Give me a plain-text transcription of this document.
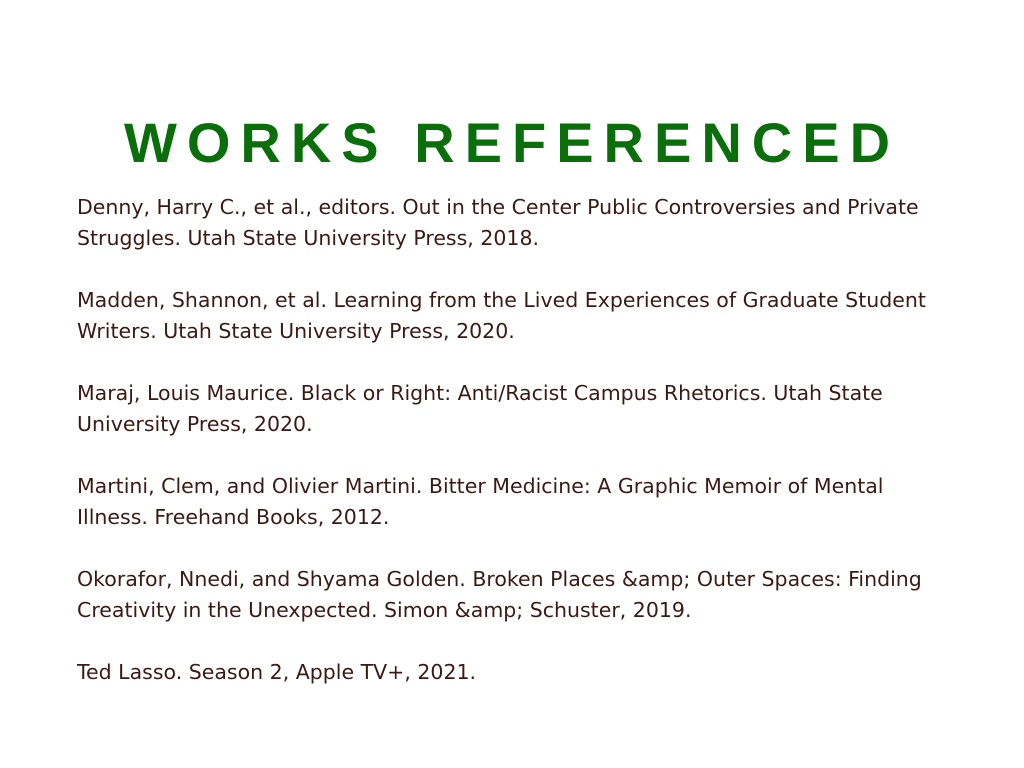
WORKS REFERENCED
Denny, Harry C., et al., editors. Out in the Center Public Controversies and Private Struggles. Utah State University Press, 2018.
Madden, Shannon, et al. Learning from the Lived Experiences of Graduate Student Writers. Utah State University Press, 2020.
Maraj, Louis Maurice. Black or Right: Anti/Racist Campus Rhetorics. Utah State University Press, 2020.
Martini, Clem, and Olivier Martini. Bitter Medicine: A Graphic Memoir of Mental Illness. Freehand Books, 2012.
Okorafor, Nnedi, and Shyama Golden. Broken Places &amp; Outer Spaces: Finding Creativity in the Unexpected. Simon &amp; Schuster, 2019.
Ted Lasso. Season 2, Apple TV+, 2021.
